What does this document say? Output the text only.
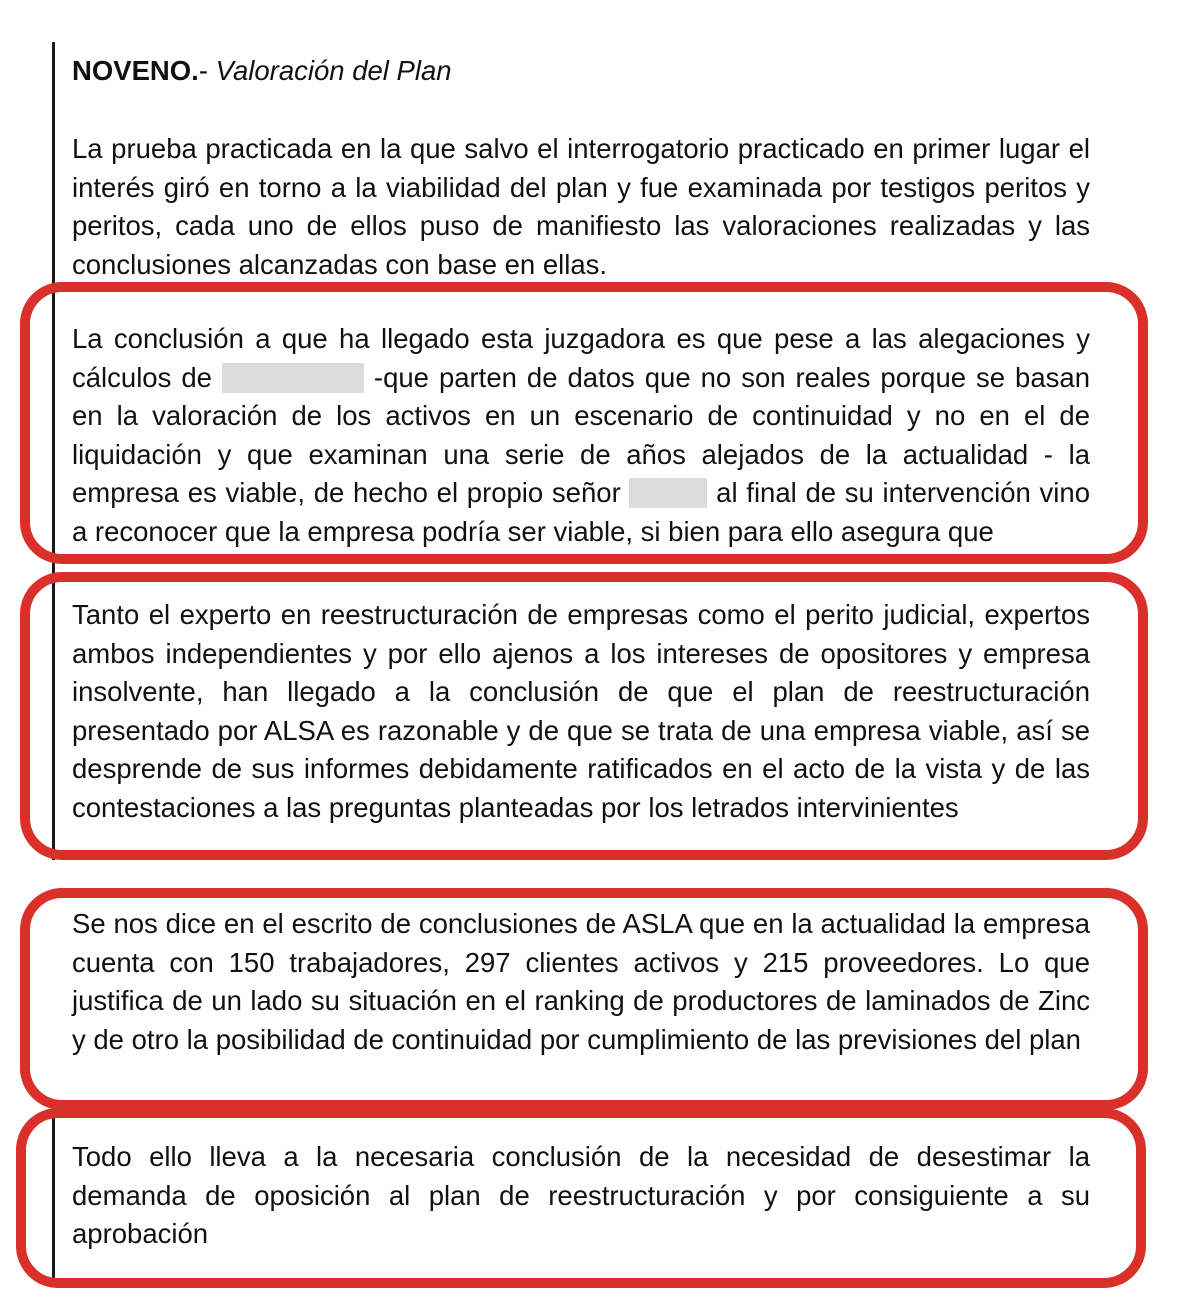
NOVENO.- Valoración del Plan

La prueba practicada en la que salvo el interrogatorio practicado en primer lugar el interés giró en torno a la viabilidad del plan y fue examinada por testigos peritos y peritos, cada uno de ellos puso de manifiesto las valoraciones realizadas y las conclusiones alcanzadas con base en ellas.

La conclusión a que ha llegado esta juzgadora es que pese a las alegaciones y cálculos de	-que parten de datos que no son reales porque se basan en la valoración de los activos en un escenario de continuidad y no en el de liquidación y que examinan una serie de años alejados de la actualidad - la empresa es viable, de hecho el propio señor	al final de su intervención vino a reconocer que la empresa podría ser viable, si bien para ello asegura que

Tanto el experto en reestructuración de empresas como el perito judicial, expertos ambos independientes y por ello ajenos a los intereses de opositores y empresa insolvente, han llegado a la conclusión de que el plan de reestructuración presentado por ALSA es razonable y de que se trata de una empresa viable, así se desprende de sus informes debidamente ratificados en el acto de la vista y de las contestaciones a las preguntas planteadas por los letrados intervinientes

Se nos dice en el escrito de conclusiones de ASLA que en la actualidad la empresa cuenta con 150 trabajadores, 297 clientes activos y 215 proveedores. Lo que justifica de un lado su situación en el ranking de productores de laminados de Zinc y de otro la posibilidad de continuidad por cumplimiento de las previsiones del plan

Todo ello lleva a la necesaria conclusión de la necesidad de desestimar la demanda de oposición al plan de reestructuración y por consiguiente a su aprobación
